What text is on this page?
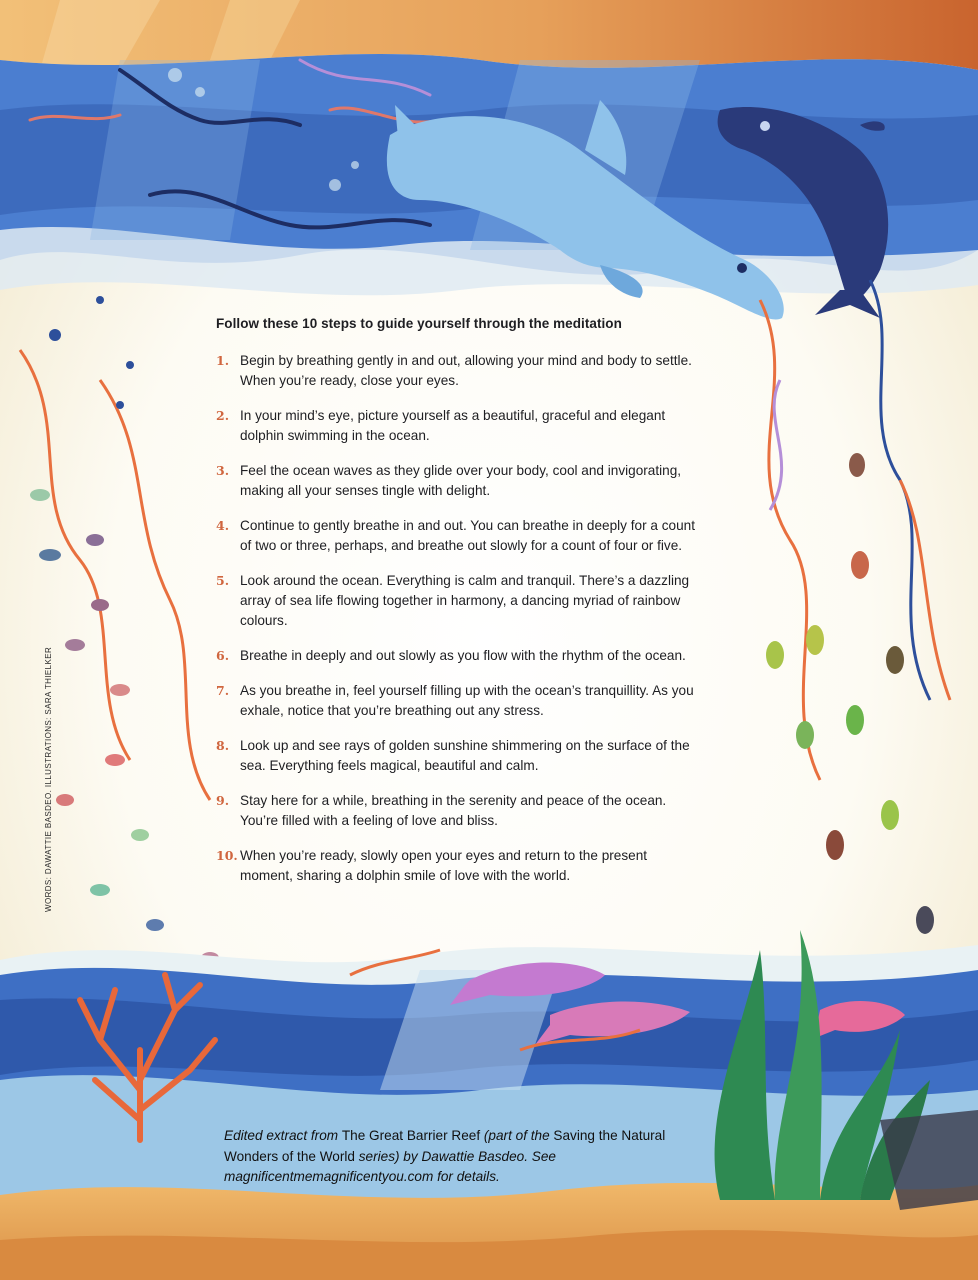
Follow these 10 steps to guide yourself through the meditation
1. Begin by breathing gently in and out, allowing your mind and body to settle. When you’re ready, close your eyes.
2. In your mind’s eye, picture yourself as a beautiful, graceful and elegant dolphin swimming in the ocean.
3. Feel the ocean waves as they glide over your body, cool and invigorating, making all your senses tingle with delight.
4. Continue to gently breathe in and out. You can breathe in deeply for a count of two or three, perhaps, and breathe out slowly for a count of four or five.
5. Look around the ocean. Everything is calm and tranquil. There’s a dazzling array of sea life flowing together in harmony, a dancing myriad of rainbow colours.
6. Breathe in deeply and out slowly as you flow with the rhythm of the ocean.
7. As you breathe in, feel yourself filling up with the ocean’s tranquillity. As you exhale, notice that you’re breathing out any stress.
8. Look up and see rays of golden sunshine shimmering on the surface of the sea. Everything feels magical, beautiful and calm.
9. Stay here for a while, breathing in the serenity and peace of the ocean. You’re filled with a feeling of love and bliss.
10. When you’re ready, slowly open your eyes and return to the present moment, sharing a dolphin smile of love with the world.
WORDS: DAWATTIE BASDEO. ILLUSTRATIONS: SARA THIELKER
Edited extract from The Great Barrier Reef (part of the Saving the Natural Wonders of the World series) by Dawattie Basdeo. See magnificentmemagnificentyou.com for details.
